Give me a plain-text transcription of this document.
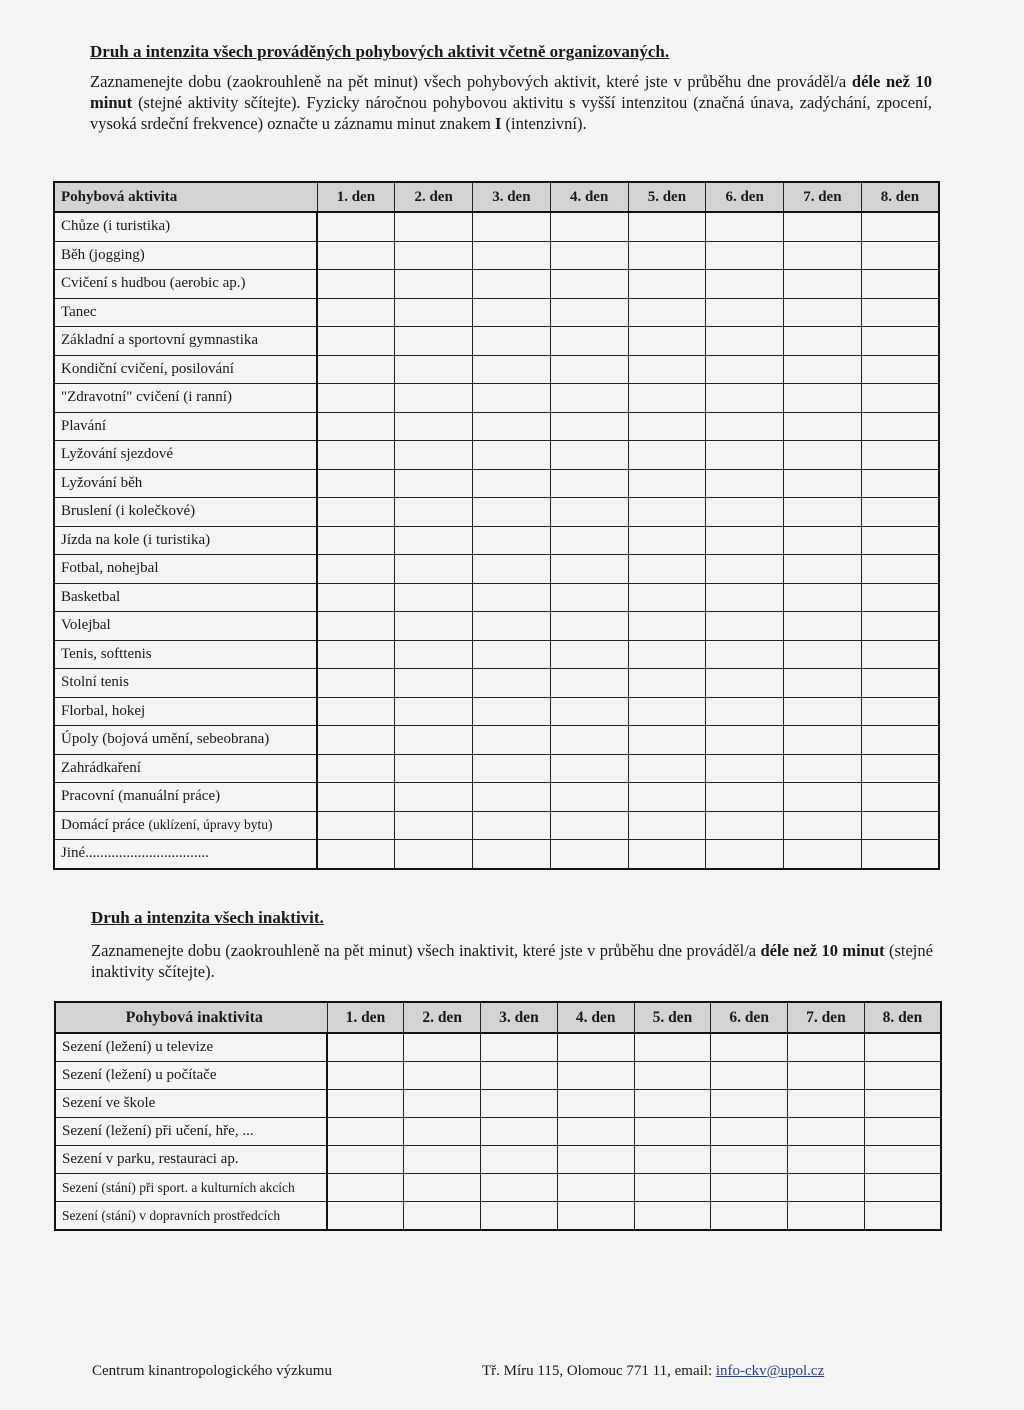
Druh a intenzita všech prováděných pohybových aktivit včetně organizovaných.
Zaznamenejte dobu (zaokrouhleně na pět minut) všech pohybových aktivit, které jste v průběhu dne prováděl/a déle než 10 minut (stejné aktivity sčítejte). Fyzicky náročnou pohybovou aktivitu s vyšší intenzitou (značná únava, zadýchání, zpocení, vysoká srdeční frekvence) označte u záznamu minut znakem I (intenzivní).
Pohybová aktivita	1. den	2. den	3. den	4. den	5. den	6. den	7. den	8. den
Chůze (i turistika)								
Běh (jogging)								
Cvičení s hudbou (aerobic ap.)								
Tanec								
Základní a sportovní gymnastika								
Kondiční cvičení, posilování								
"Zdravotní" cvičení (i ranní)								
Plavání								
Lyžování sjezdové								
Lyžování běh								
Bruslení (i kolečkové)								
Jízda na kole (i turistika)								
Fotbal, nohejbal								
Basketbal								
Volejbal								
Tenis, softtenis								
Stolní tenis								
Florbal, hokej								
Úpoly (bojová umění, sebeobrana)								
Zahrádkaření								
Pracovní (manuální práce)								
Domácí práce (uklízení, úpravy bytu)								
Jiné.................................								
Druh a intenzita všech inaktivit.
Zaznamenejte dobu (zaokrouhleně na pět minut) všech inaktivit, které jste v průběhu dne prováděl/a déle než 10 minut (stejné inaktivity sčítejte).
Pohybová inaktivita	1. den	2. den	3. den	4. den	5. den	6. den	7. den	8. den
Sezení (ležení) u televize								
Sezení (ležení) u počítače								
Sezení ve škole								
Sezení (ležení) při učení, hře, ...								
Sezení v parku, restauraci ap.								
Sezení (stání) při sport. a kulturních akcích								
Sezení (stání) v dopravních prostředcích								
Centrum kinantropologického výzkumu	Tř. Míru 115, Olomouc 771 11, email: info-ckv@upol.cz
